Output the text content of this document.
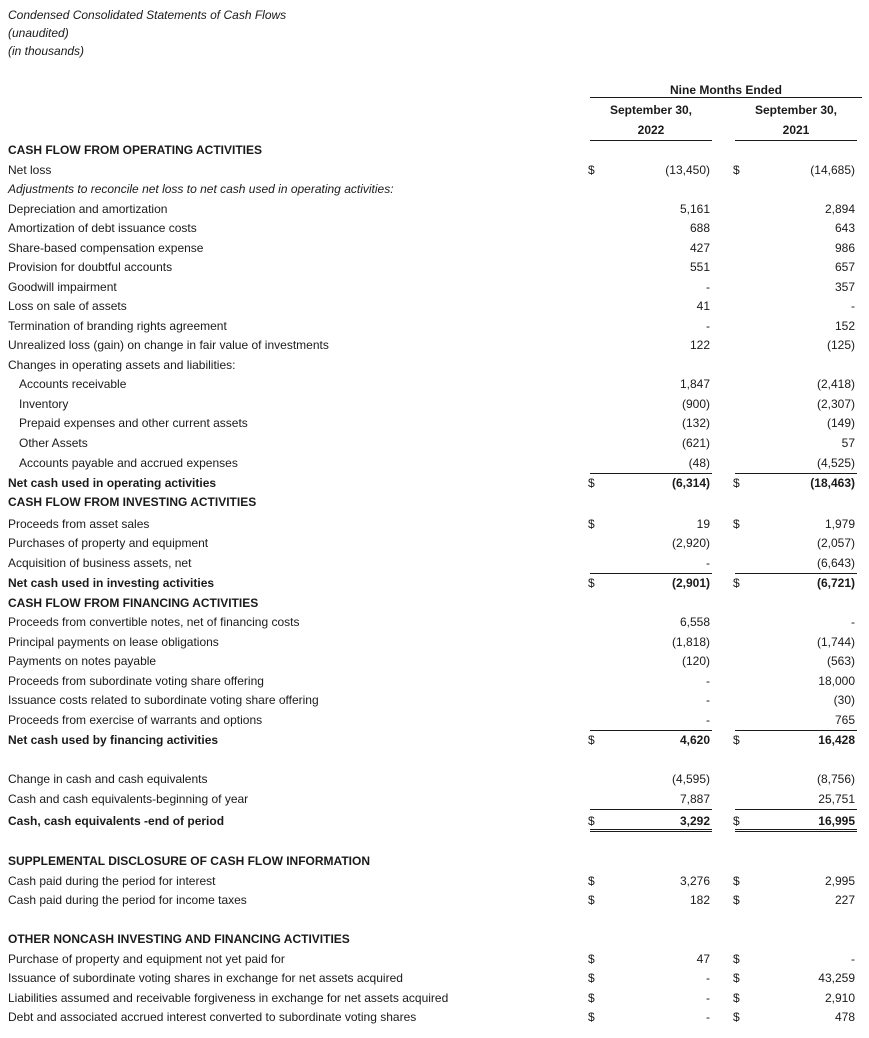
Condensed Consolidated Statements of Cash Flows
(unaudited)
(in thousands)
Nine Months Ended
September 30,	September 30,
2022	2021
CASH FLOW FROM OPERATING ACTIVITIES
Net loss	$	(13,450) $	(14,685)
Adjustments to reconcile net loss to net cash used in operating activities:
Depreciation and amortization	5,161	2,894
Amortization of debt issuance costs	688	643
Share-based compensation expense	427	986
Provision for doubtful accounts	551	657
Goodwill impairment	-	357
Loss on sale of assets	41	-
Termination of branding rights agreement	-	152
Unrealized loss (gain) on change in fair value of investments	122	(125)
Changes in operating assets and liabilities:
Accounts receivable	1,847	(2,418)
Inventory	(900)	(2,307)
Prepaid expenses and other current assets	(132)	(149)
Other Assets	(621)	57
Accounts payable and accrued expenses	(48)	(4,525)
Net cash used in operating activities	$	(6,314) $	(18,463)
CASH FLOW FROM INVESTING ACTIVITIES
Proceeds from asset sales	$	19 $	1,979
Purchases of property and equipment	(2,920)	(2,057)
Acquisition of business assets, net	-	(6,643)
Net cash used in investing activities	$	(2,901) $	(6,721)
CASH FLOW FROM FINANCING ACTIVITIES
Proceeds from convertible notes, net of financing costs	6,558	-
Principal payments on lease obligations	(1,818)	(1,744)
Payments on notes payable	(120)	(563)
Proceeds from subordinate voting share offering	-	18,000
Issuance costs related to subordinate voting share offering	-	(30)
Proceeds from exercise of warrants and options	-	765
Net cash used by financing activities	$	4,620 $	16,428
Change in cash and cash equivalents	(4,595)	(8,756)
Cash and cash equivalents-beginning of year	7,887	25,751
Cash, cash equivalents -end of period	$	3,292 $	16,995
SUPPLEMENTAL DISCLOSURE OF CASH FLOW INFORMATION
Cash paid during the period for interest	$	3,276 $	2,995
Cash paid during the period for income taxes	$	182 $	227
OTHER NONCASH INVESTING AND FINANCING ACTIVITIES
Purchase of property and equipment not yet paid for	$	47 $	-
Issuance of subordinate voting shares in exchange for net assets acquired	$	- $	43,259
Liabilities assumed and receivable forgiveness in exchange for net assets acquired	$	- $	2,910
Debt and associated accrued interest converted to subordinate voting shares	$	- $	478
